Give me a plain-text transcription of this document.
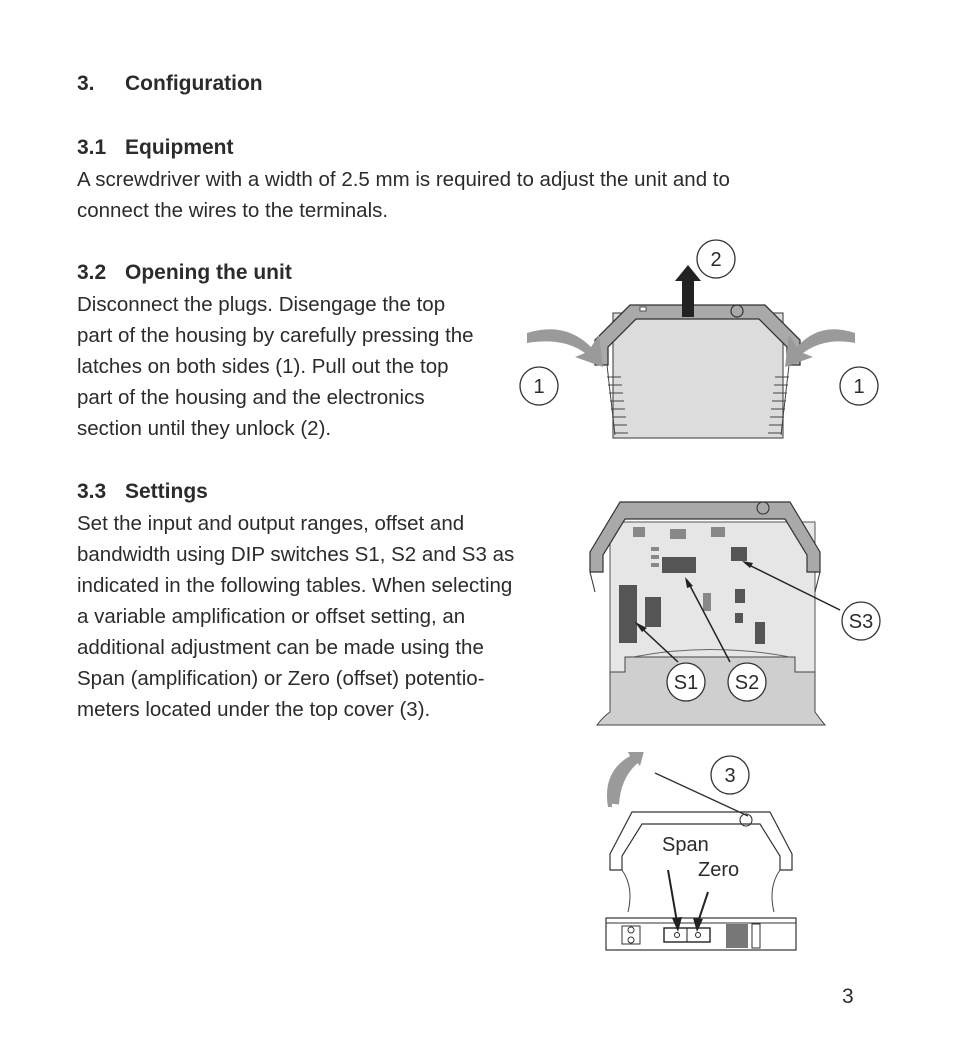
3. Configuration
3.1 Equipment
A screwdriver with a width of 2.5 mm is required to adjust the unit and to
connect the wires to the terminals.
3.2 Opening the unit
Disconnect the plugs. Disengage the top
part of the housing by carefully pressing the
latches on both sides (1). Pull out the top
part of the housing and the electronics
section until they unlock (2).
2
1	1
3.3 Settings
Set the input and output ranges, offset and
bandwidth using DIP switches S1, S2 and S3 as
indicated in the following tables. When selecting
a variable amplification or offset setting, an
additional adjustment can be made using the
Span (amplification) or Zero (offset) potentio-
meters located under the top cover (3).
S1 S2
S3
Span
Zero
3
3
